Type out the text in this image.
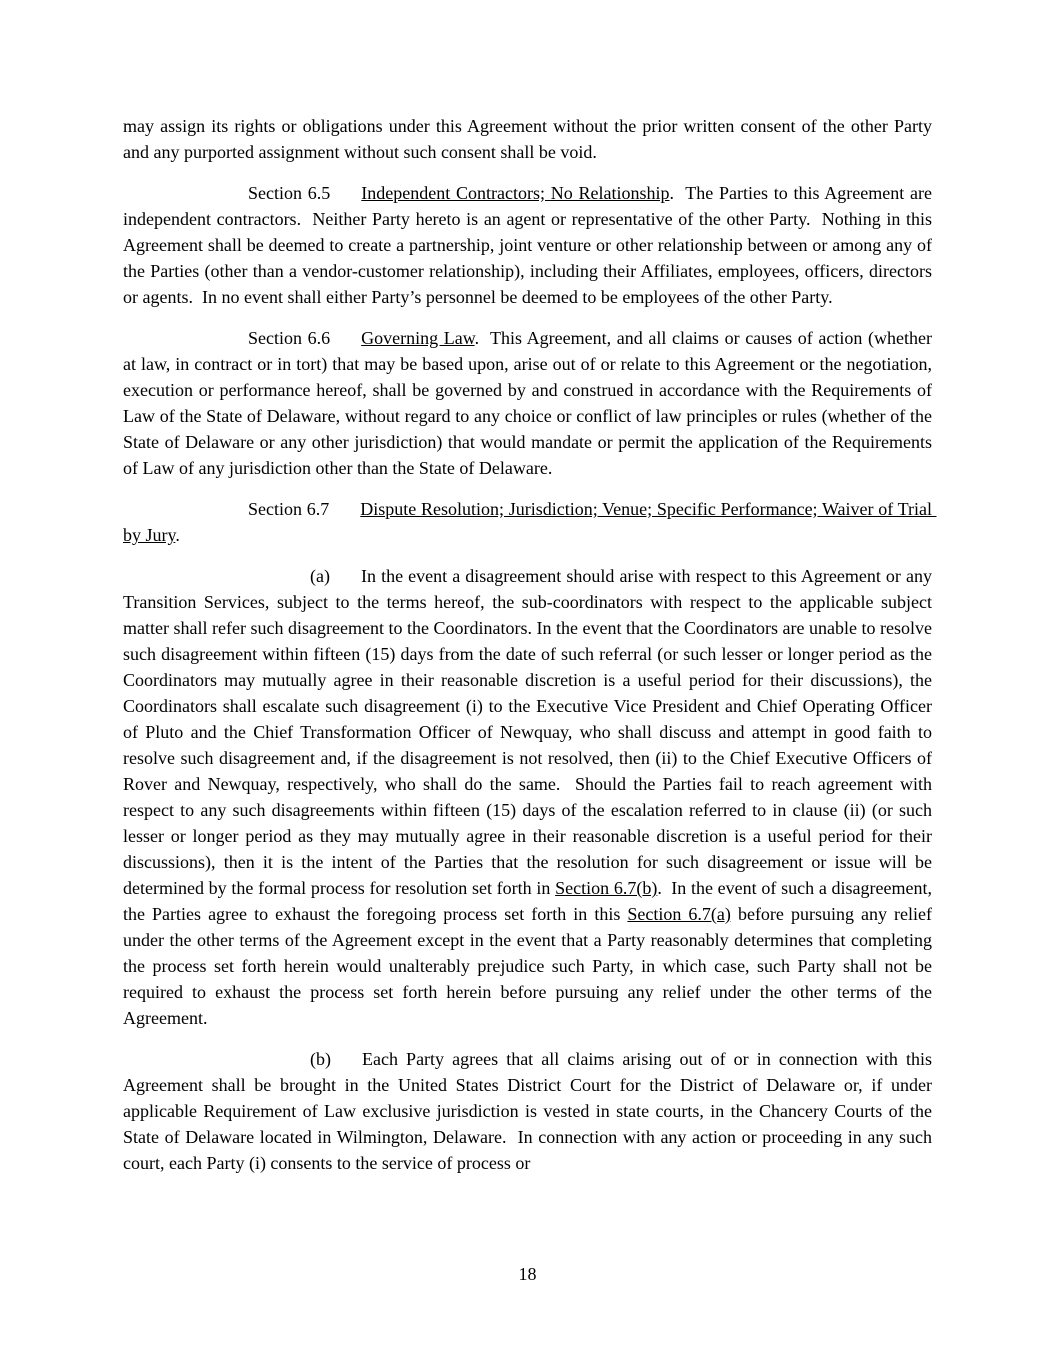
may assign its rights or obligations under this Agreement without the prior written consent of the other Party and any purported assignment without such consent shall be void.

Section 6.5 Independent Contractors; No Relationship.  The Parties to this Agreement are independent contractors.  Neither Party hereto is an agent or representative of the other Party.  Nothing in this Agreement shall be deemed to create a partnership, joint venture or other relationship between or among any of the Parties (other than a vendor-customer relationship), including their Affiliates, employees, officers, directors or agents.  In no event shall either Party’s personnel be deemed to be employees of the other Party.

Section 6.6 Governing Law.  This Agreement, and all claims or causes of action (whether at law, in contract or in tort) that may be based upon, arise out of or relate to this Agreement or the negotiation, execution or performance hereof, shall be governed by and construed in accordance with the Requirements of Law of the State of Delaware, without regard to any choice or conflict of law principles or rules (whether of the State of Delaware or any other jurisdiction) that would mandate or permit the application of the Requirements of Law of any jurisdiction other than the State of Delaware.

Section 6.7 Dispute Resolution; Jurisdiction; Venue; Specific Performance; Waiver of Trial by Jury.

(a) In the event a disagreement should arise with respect to this Agreement or any Transition Services, subject to the terms hereof, the sub-coordinators with respect to the applicable subject matter shall refer such disagreement to the Coordinators. In the event that the Coordinators are unable to resolve such disagreement within fifteen (15) days from the date of such referral (or such lesser or longer period as the Coordinators may mutually agree in their reasonable discretion is a useful period for their discussions), the Coordinators shall escalate such disagreement (i) to the Executive Vice President and Chief Operating Officer of Pluto and the Chief Transformation Officer of Newquay, who shall discuss and attempt in good faith to resolve such disagreement and, if the disagreement is not resolved, then (ii) to the Chief Executive Officers of Rover and Newquay, respectively, who shall do the same.  Should the Parties fail to reach agreement with respect to any such disagreements within fifteen (15) days of the escalation referred to in clause (ii) (or such lesser or longer period as they may mutually agree in their reasonable discretion is a useful period for their discussions), then it is the intent of the Parties that the resolution for such disagreement or issue will be determined by the formal process for resolution set forth in Section 6.7(b).  In the event of such a disagreement, the Parties agree to exhaust the foregoing process set forth in this Section 6.7(a) before pursuing any relief under the other terms of the Agreement except in the event that a Party reasonably determines that completing the process set forth herein would unalterably prejudice such Party, in which case, such Party shall not be required to exhaust the process set forth herein before pursuing any relief under the other terms of the Agreement.

(b) Each Party agrees that all claims arising out of or in connection with this Agreement shall be brought in the United States District Court for the District of Delaware or, if under applicable Requirement of Law exclusive jurisdiction is vested in state courts, in the Chancery Courts of the State of Delaware located in Wilmington, Delaware.  In connection with any action or proceeding in any such court, each Party (i) consents to the service of process or

18
